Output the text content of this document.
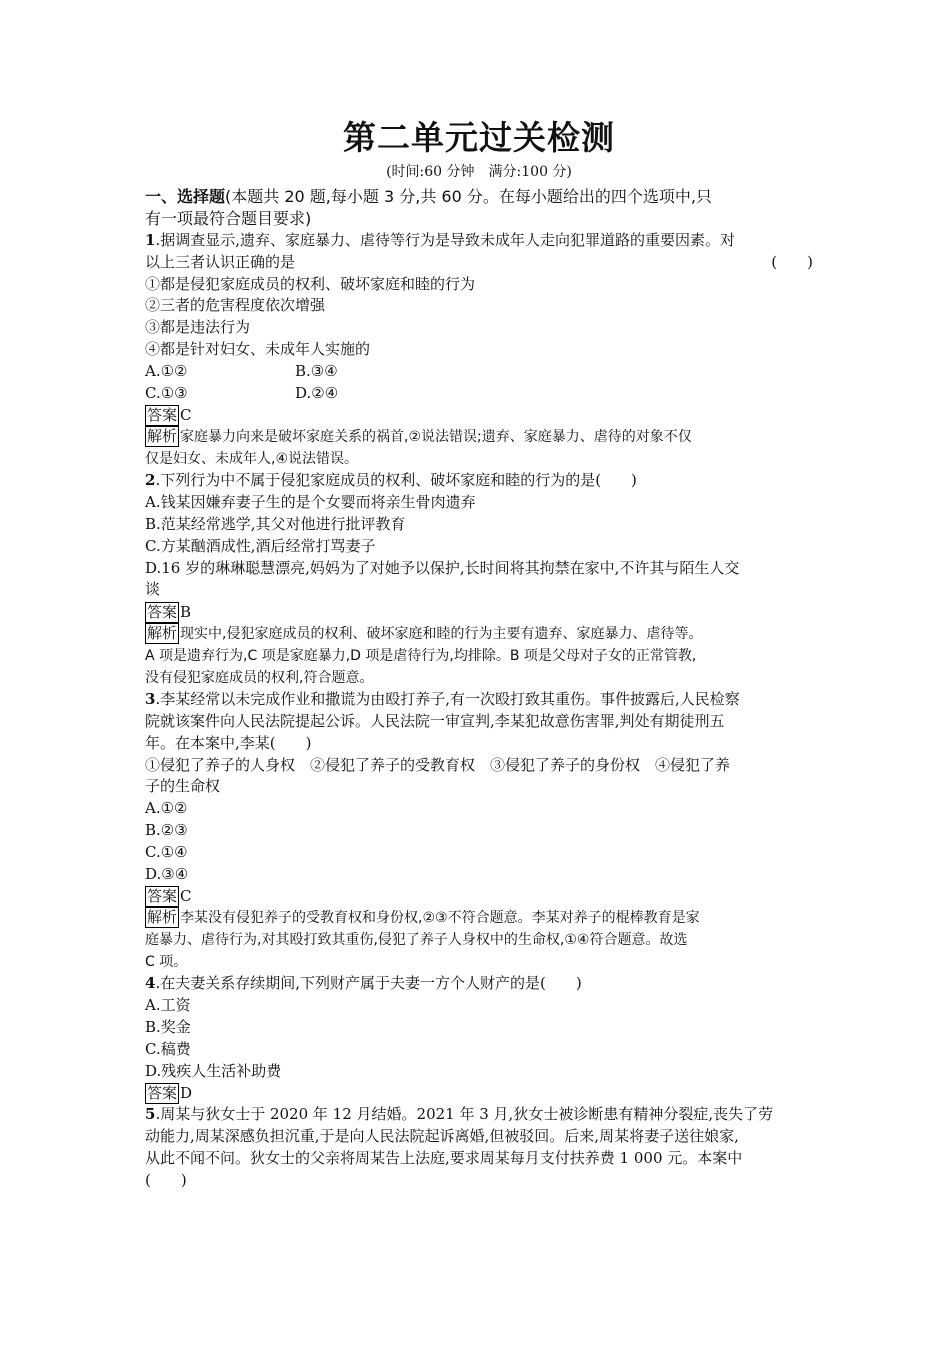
第二单元过关检测
(时间:60 分钟　满分:100 分)
一、选择题(本题共 20 题,每小题 3 分,共 60 分。在每小题给出的四个选项中,只
有一项最符合题目要求)
1.据调查显示,遗弃、家庭暴力、虐待等行为是导致未成年人走向犯罪道路的重要因素。对
以上三者认识正确的是	(　　)
①都是侵犯家庭成员的权利、破坏家庭和睦的行为
②三者的危害程度依次增强
③都是违法行为
④都是针对妇女、未成年人实施的
A.①②	B.③④
C.①③	D.②④
答案 C
解析 家庭暴力向来是破坏家庭关系的祸首,②说法错误;遗弃、家庭暴力、虐待的对象不仅
仅是妇女、未成年人,④说法错误。
2.下列行为中不属于侵犯家庭成员的权利、破坏家庭和睦的行为的是(　　)
A.钱某因嫌弃妻子生的是个女婴而将亲生骨肉遗弃
B.范某经常逃学,其父对他进行批评教育
C.方某酗酒成性,酒后经常打骂妻子
D.16 岁的琳琳聪慧漂亮,妈妈为了对她予以保护,长时间将其拘禁在家中,不许其与陌生人交
谈
答案 B
解析 现实中,侵犯家庭成员的权利、破坏家庭和睦的行为主要有遗弃、家庭暴力、虐待等。
A 项是遗弃行为,C 项是家庭暴力,D 项是虐待行为,均排除。B 项是父母对子女的正常管教,
没有侵犯家庭成员的权利,符合题意。
3.李某经常以未完成作业和撒谎为由殴打养子,有一次殴打致其重伤。事件披露后,人民检察
院就该案件向人民法院提起公诉。人民法院一审宣判,李某犯故意伤害罪,判处有期徒刑五
年。在本案中,李某(　　)
①侵犯了养子的人身权　②侵犯了养子的受教育权　③侵犯了养子的身份权　④侵犯了养
子的生命权
A.①②
B.②③
C.①④
D.③④
答案 C
解析 李某没有侵犯养子的受教育权和身份权,②③不符合题意。李某对养子的棍棒教育是家
庭暴力、虐待行为,对其殴打致其重伤,侵犯了养子人身权中的生命权,①④符合题意。故选
C 项。
4.在夫妻关系存续期间,下列财产属于夫妻一方个人财产的是(　　)
A.工资
B.奖金
C.稿费
D.残疾人生活补助费
答案 D
5.周某与狄女士于 2020 年 12 月结婚。2021 年 3 月,狄女士被诊断患有精神分裂症,丧失了劳
动能力,周某深感负担沉重,于是向人民法院起诉离婚,但被驳回。后来,周某将妻子送往娘家,
从此不闻不问。狄女士的父亲将周某告上法庭,要求周某每月支付扶养费 1 000 元。本案中
(　　)
